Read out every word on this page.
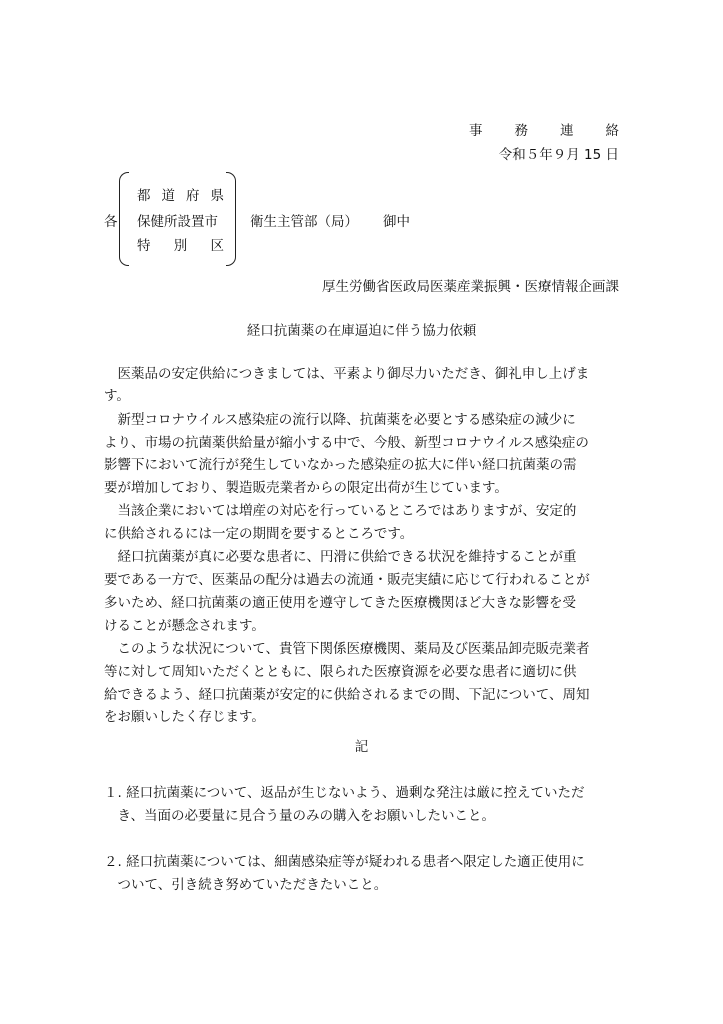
事 務 連 絡
令和５年９月 15 日
各
都 道 府 県
保健所設置市
特 別 区
衛生主管部（局） 御中
厚生労働省医政局医薬産業振興・医療情報企画課
経口抗菌薬の在庫逼迫に伴う協力依頼
　医薬品の安定供給につきましては、平素より御尽力いただき、御礼申し上げま
す。
　新型コロナウイルス感染症の流行以降、抗菌薬を必要とする感染症の減少に
より、市場の抗菌薬供給量が縮小する中で、今般、新型コロナウイルス感染症の
影響下において流行が発生していなかった感染症の拡大に伴い経口抗菌薬の需
要が増加しており、製造販売業者からの限定出荷が生じています。
　当該企業においては増産の対応を行っているところではありますが、安定的
に供給されるには一定の期間を要するところです。
　経口抗菌薬が真に必要な患者に、円滑に供給できる状況を維持することが重
要である一方で、医薬品の配分は過去の流通・販売実績に応じて行われることが
多いため、経口抗菌薬の適正使用を遵守してきた医療機関ほど大きな影響を受
けることが懸念されます。
　このような状況について、貴管下関係医療機関、薬局及び医薬品卸売販売業者
等に対して周知いただくとともに、限られた医療資源を必要な患者に適切に供
給できるよう、経口抗菌薬が安定的に供給されるまでの間、下記について、周知
をお願いしたく存じます。
記
１. 経口抗菌薬について、返品が生じないよう、過剰な発注は厳に控えていただ
　き、当面の必要量に見合う量のみの購入をお願いしたいこと。
２. 経口抗菌薬については、細菌感染症等が疑われる患者へ限定した適正使用に
　ついて、引き続き努めていただきたいこと。
